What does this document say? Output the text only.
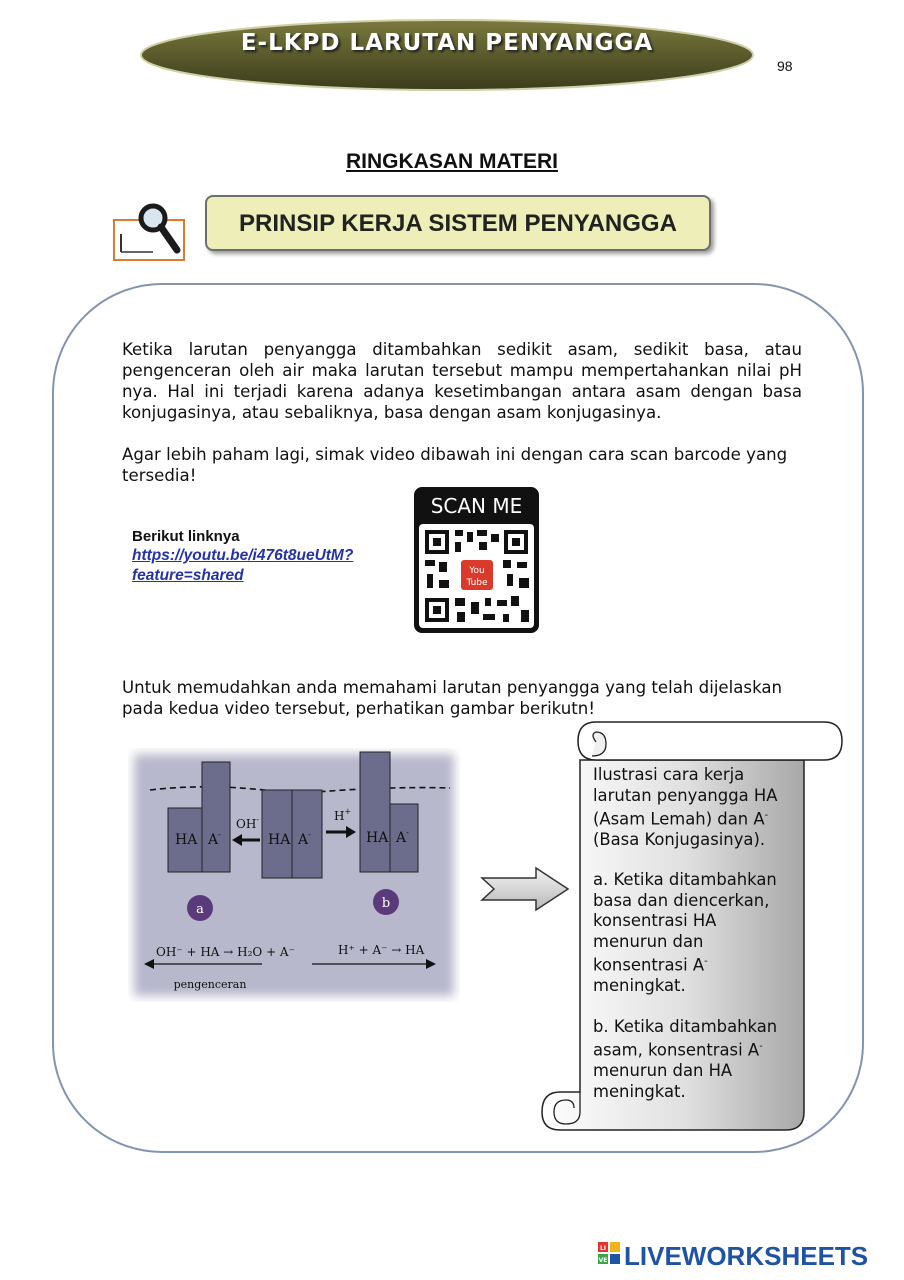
E-LKPD LARUTAN PENYANGGA
98
RINGKASAN MATERI
PRINSIP KERJA SISTEM PENYANGGA
Ketika larutan penyangga ditambahkan sedikit asam, sedikit basa, atau pengenceran oleh air maka larutan tersebut mampu mempertahankan nilai pH nya. Hal ini terjadi karena adanya kesetimbangan antara asam dengan basa konjugasinya, atau sebaliknya, basa dengan asam konjugasinya.
Agar lebih paham lagi, simak video dibawah ini dengan cara scan barcode yang tersedia!
Berikut linknya
https://youtu.be/i476t8ueUtM?
feature=shared
SCAN ME
You
Tube
Untuk memudahkan anda memahami larutan penyangga yang telah dijelaskan pada kedua video tersebut, perhatikan gambar berikutn!
HA A-	HA A-	HA A-
OH-	H+
a	b
OH⁻ + HA → H₂O + A⁻	H⁺ + A⁻ → HA
pengenceran

Ilustrasi cara kerja larutan penyangga HA (Asam Lemah) dan A- (Basa Konjugasinya).

a. Ketika ditambahkan basa dan diencerkan, konsentrasi HA menurun dan konsentrasi A- meningkat.

b. Ketika ditambahkan asam, konsentrasi A- menurun dan HA meningkat.

LI
VE LIVEWORKSHEETS
